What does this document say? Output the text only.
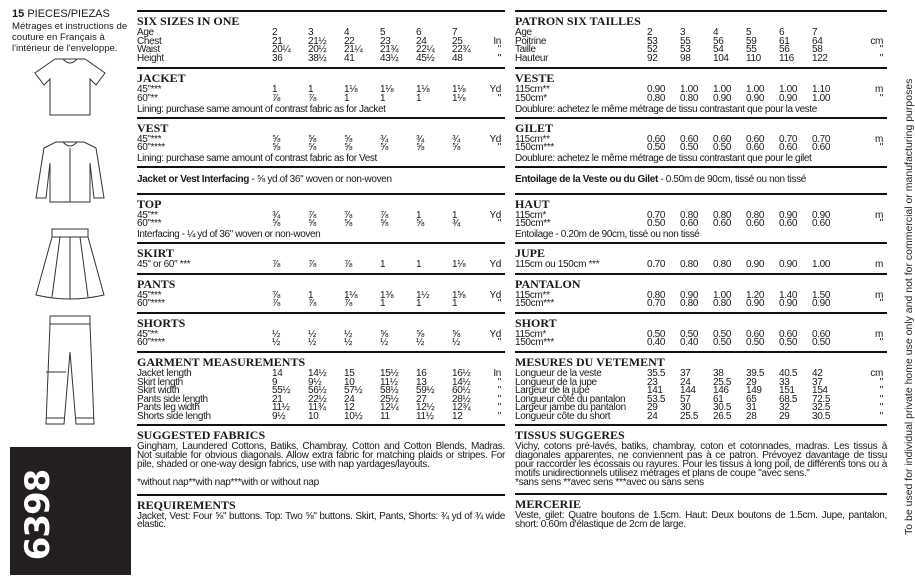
15 PIECES/PIEZAS
Métrages et instructions de couture en Français à l'intérieur de l'enveloppe.
6398
SIX SIZES IN ONE
Age	2	3	4	5	6	7
Chest	21	21½	22	23	24	25	In
Waist	20¼	20½	21¼	21¾	22¼	22¾	"
Height	36	38½	41	43½	45½	48	"
JACKET
45"***	1	1	1⅛	1⅛	1⅛	1⅛	Yd
60"**	⅞	⅞	1	1	1	1⅛	"
Lining: purchase same amount of contrast fabric as for Jacket
VEST
45"***	⅝	⅝	⅝	¾	¾	¾	Yd
60"****	⅝	⅝	⅝	⅝	⅝	⅝	"
Lining: purchase same amount of contrast fabric as for Vest
Jacket or Vest Interfacing - ⅝ yd of 36" woven or non-woven
TOP
45"**	¾	⅞	⅞	⅞	1	1	Yd
60"***	⅝	⅝	⅝	⅝	⅝	¾	"
Interfacing - ¼ yd of 36" woven or non-woven
SKIRT
45" or 60" ***	⅞	⅞	⅞	1	1	1⅛	Yd
PANTS
45"***	⅞	1	1⅛	1⅜	1½	1⅝	Yd
60"****	⅞	⅞	⅞	1	1	1	"
SHORTS
45"**	½	½	½	⅝	⅝	⅝	Yd
60"****	½	½	½	½	½	½	"
GARMENT MEASUREMENTS
Jacket length	14	14½	15	15½	16	16½	In
Skirt length	9	9½	10	11½	13	14½	"
Skirt width	55½	56½	57½	58½	59½	60½	"
Pants side length	21	22½	24	25½	27	28½	"
Pants leg width	11½	11¾	12	12¼	12½	12¾	"
Shorts side length	9½	10	10½	11	11½	12	"
SUGGESTED FABRICS
Gingham, Laundered Cottons, Batiks, Chambray, Cotton and Cotton Blends, Madras. Not suitable for obvious diagonals. Allow extra fabric for matching plaids or stripes. For pile, shaded or one-way design fabrics, use with nap yardages/layouts.
*without nap**with nap***with or without nap
REQUIREMENTS
Jacket, Vest: Four ⅝" buttons. Top: Two ⅝" buttons. Skirt, Pants, Shorts: ¾ yd of ¾ wide elastic.
PATRON SIX TAILLES
Age	2	3	4	5	6	7
Poitrine	53	55	56	59	61	64	cm
Taille	52	53	54	55	56	58	"
Hauteur	92	98	104	110	116	122	"
VESTE
115cm**	0.90	1.00	1.00	1.00	1.00	1.10	m
150cm*	0.80	0.80	0.90	0.90	0.90	1.00	"
Doublure: achetez le même métrage de tissu contrastant que pour la veste
GILET
115cm**	0.60	0.60	0.60	0.60	0.70	0.70	m
150cm***	0.50	0.50	0.50	0.60	0.60	0.60	"
Doublure: achetez le même métrage de tissu contrastant que pour le gilet
Entoilage de la Veste ou du Gilet - 0.50m de 90cm, tissé ou non tissé
HAUT
115cm*	0.70	0.80	0.80	0.80	0.90	0.90	m
150cm**	0.50	0.60	0.60	0.60	0.60	0.60	"
Entoilage - 0.20m de 90cm, tissé ou non tissé
JUPE
115cm ou 150cm ***	0.70	0.80	0.80	0.90	0.90	1.00	m
PANTALON
115cm**	0.80	0.90	1.00	1.20	1.40	1.50	m
150cm***	0.70	0.80	0.80	0.90	0.90	0.90	"
SHORT
115cm*	0.50	0.50	0.50	0.60	0.60	0.60	m
150cm***	0.40	0.40	0.50	0.50	0.50	0.50	"
MESURES DU VETEMENT
Longueur de la veste	35.5	37	38	39.5	40.5	42	cm
Longueur de la jupe	23	24	25.5	29	33	37	"
Largeur de la jupe	141	144	146	149	151	154	"
Longueur côté du pantalon	53.5	57	61	65	68.5	72.5	"
Largeur jambe du pantalon	29	30	30.5	31	32	32.5	"
Longueur côte du short	24	25.5	26.5	28	29	30.5	"
TISSUS SUGGERES
Vichy, cotons pré-lavés, batiks, chambray, coton et cotonnades, madras. Les tissus à diagonales apparentes, ne conviennent pas à ce patron. Prévoyez davantage de tissu pour raccorder les écossais ou rayures. Pour les tissus à long poil, de différents tons ou à motifs unidirectionnels utilisez métrages et plans de coupe "avec sens."
*sans sens **avec sens ***avec ou sans sens
MERCERIE
Veste, gilet: Quatre boutons de 1.5cm. Haut: Deux boutons de 1.5cm. Jupe, pantalon, short: 0.60m d'élastique de 2cm de large.	To be used for individual private home use only and not for commercial or manufacturing purposes
